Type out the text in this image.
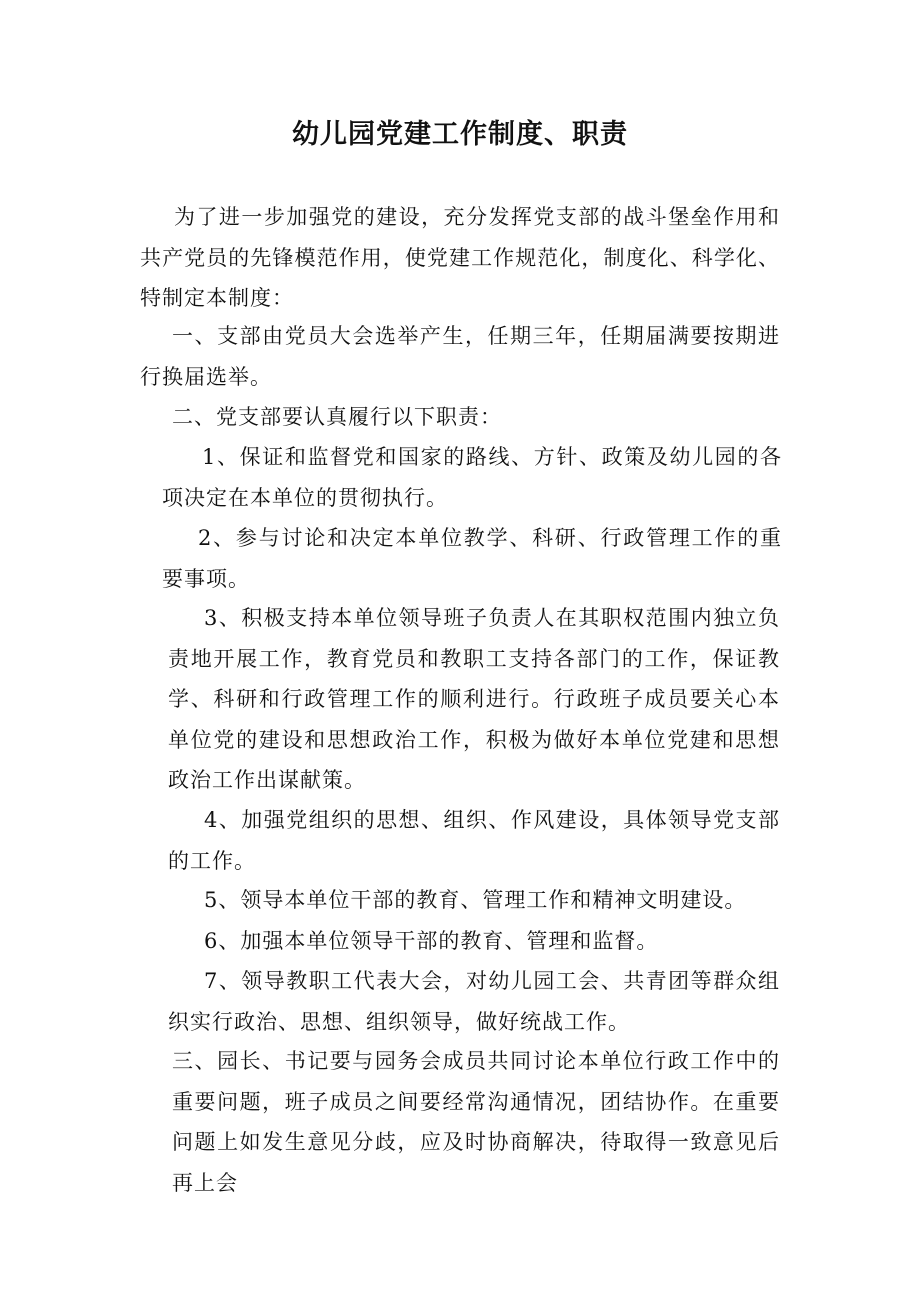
幼儿园党建工作制度、职责

为了进一步加强党的建设，充分发挥党支部的战斗堡垒作用和共产党员的先锋模范作用，使党建工作规范化，制度化、科学化、特制定本制度：

一、支部由党员大会选举产生，任期三年，任期届满要按期进行换届选举。

二、党支部要认真履行以下职责：

1、保证和监督党和国家的路线、方针、政策及幼儿园的各项决定在本单位的贯彻执行。

2、参与讨论和决定本单位教学、科研、行政管理工作的重要事项。

3、积极支持本单位领导班子负责人在其职权范围内独立负责地开展工作，教育党员和教职工支持各部门的工作，保证教学、科研和行政管理工作的顺利进行。行政班子成员要关心本单位党的建设和思想政治工作，积极为做好本单位党建和思想政治工作出谋献策。

4、加强党组织的思想、组织、作风建设，具体领导党支部的工作。

5、领导本单位干部的教育、管理工作和精神文明建设。

6、加强本单位领导干部的教育、管理和监督。

7、领导教职工代表大会，对幼儿园工会、共青团等群众组织实行政治、思想、组织领导，做好统战工作。

三、园长、书记要与园务会成员共同讨论本单位行政工作中的重要问题，班子成员之间要经常沟通情况，团结协作。在重要问题上如发生意见分歧，应及时协商解决，待取得一致意见后再上会
